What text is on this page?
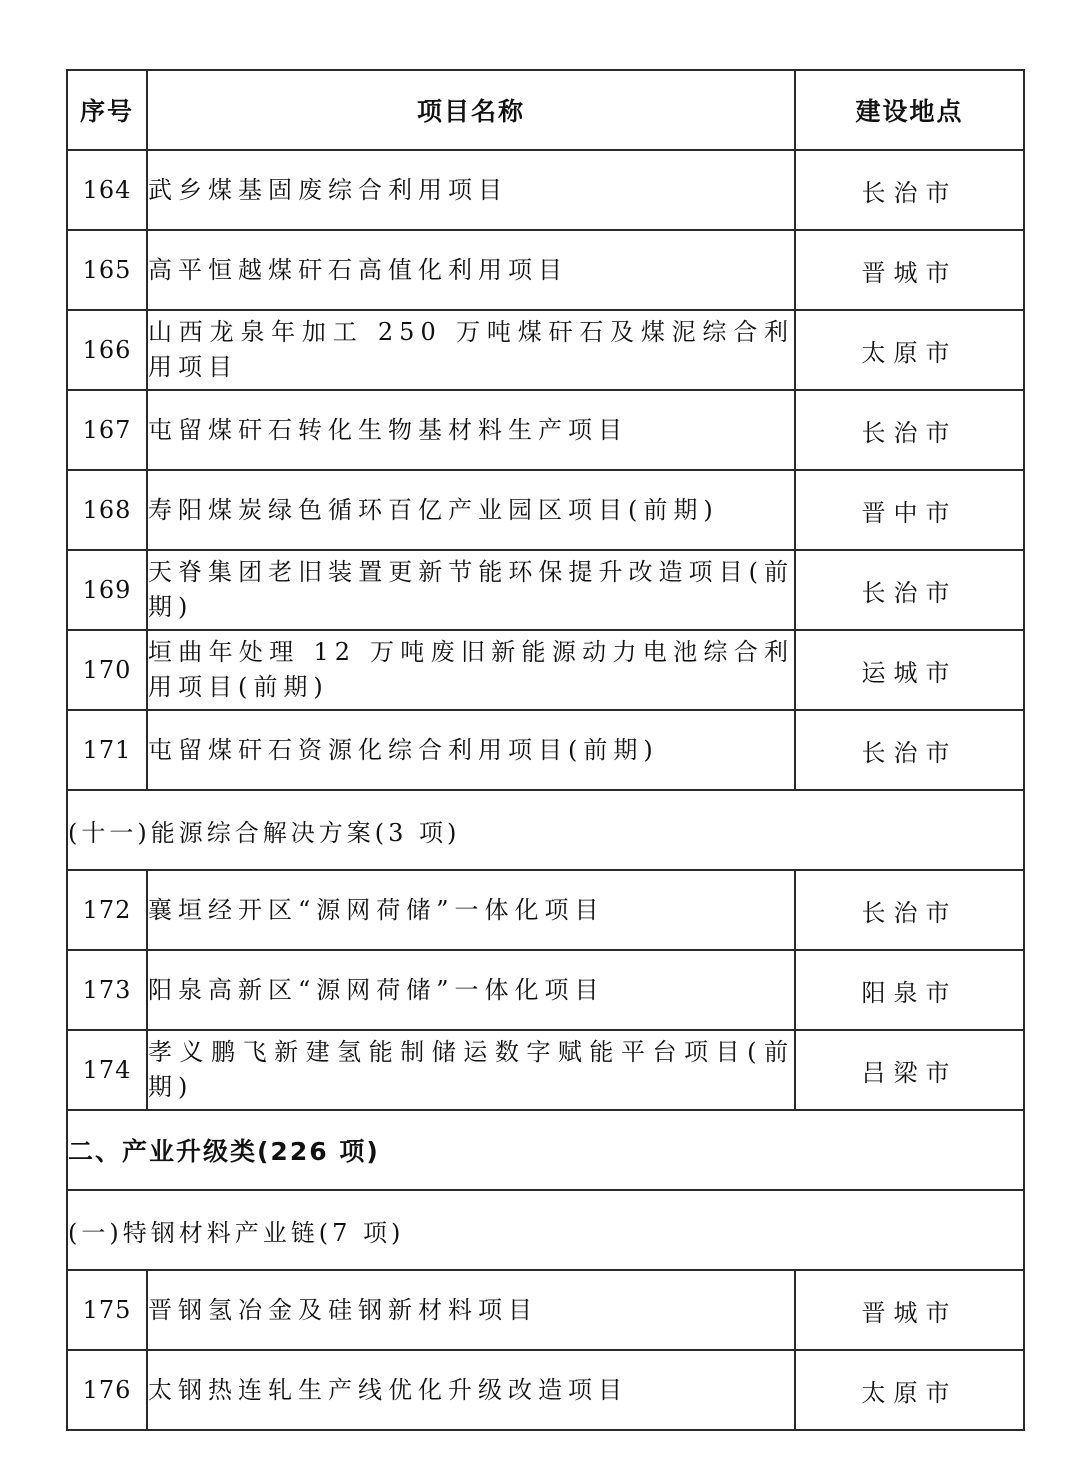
序号	项目名称	建设地点
164	武乡煤基固废综合利用项目	长治市
165	高平恒越煤矸石高值化利用项目	晋城市
166	山西龙泉年加工 250 万吨煤矸石及煤泥综合利用项目	太原市
167	屯留煤矸石转化生物基材料生产项目	长治市
168	寿阳煤炭绿色循环百亿产业园区项目(前期)	晋中市
169	天脊集团老旧装置更新节能环保提升改造项目(前期)	长治市
170	垣曲年处理 12 万吨废旧新能源动力电池综合利用项目(前期)	运城市
171	屯留煤矸石资源化综合利用项目(前期)	长治市
(十一)能源综合解决方案(3 项)		
172	襄垣经开区“源网荷储”一体化项目	长治市
173	阳泉高新区“源网荷储”一体化项目	阳泉市
174	孝义鹏飞新建氢能制储运数字赋能平台项目(前期)	吕梁市
二、产业升级类(226 项)		
(一)特钢材料产业链(7 项)		
175	晋钢氢冶金及硅钢新材料项目	晋城市
176	太钢热连轧生产线优化升级改造项目	太原市
